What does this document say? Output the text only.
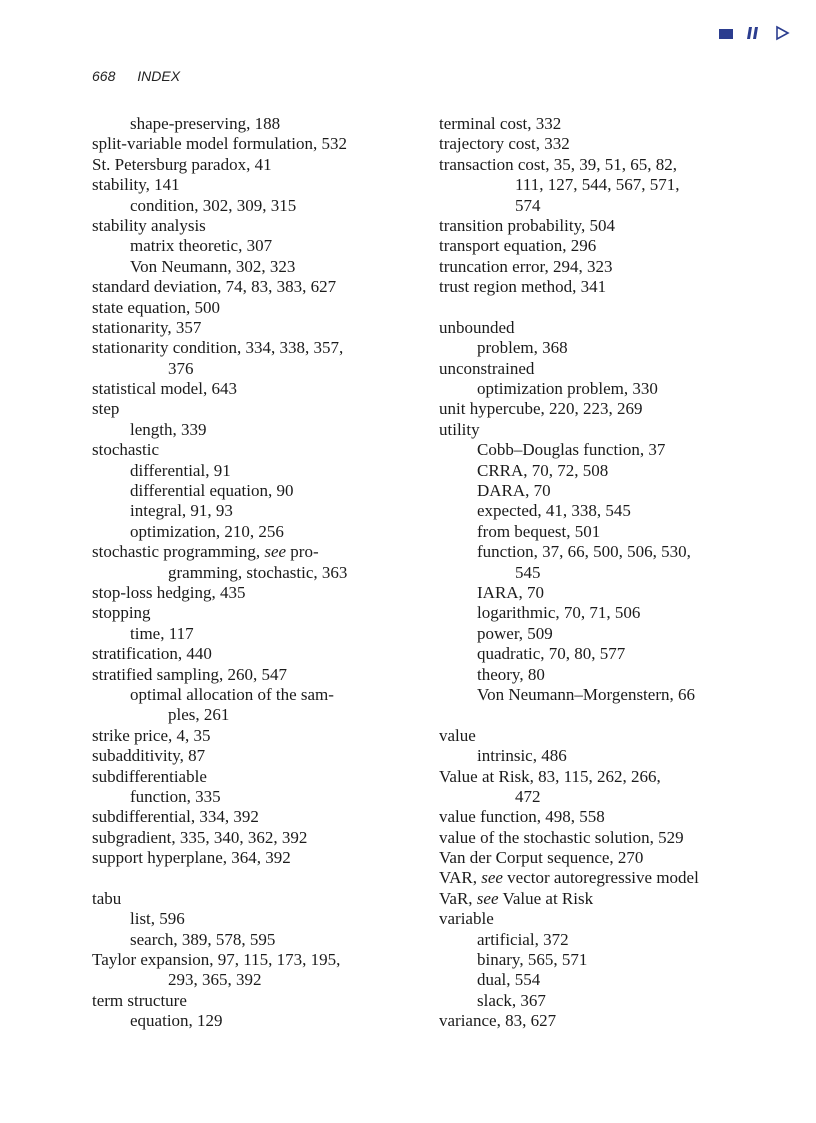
668 INDEX
shape-preserving, 188
split-variable model formulation, 532
St. Petersburg paradox, 41
stability, 141
condition, 302, 309, 315
stability analysis
matrix theoretic, 307
Von Neumann, 302, 323
standard deviation, 74, 83, 383, 627
state equation, 500
stationarity, 357
stationarity condition, 334, 338, 357,
376
statistical model, 643
step
length, 339
stochastic
differential, 91
differential equation, 90
integral, 91, 93
optimization, 210, 256
stochastic programming, see pro-
gramming, stochastic, 363
stop-loss hedging, 435
stopping
time, 117
stratification, 440
stratified sampling, 260, 547
optimal allocation of the sam-
ples, 261
strike price, 4, 35
subadditivity, 87
subdifferentiable
function, 335
subdifferential, 334, 392
subgradient, 335, 340, 362, 392
support hyperplane, 364, 392
tabu
list, 596
search, 389, 578, 595
Taylor expansion, 97, 115, 173, 195,
293, 365, 392
term structure
equation, 129
terminal cost, 332
trajectory cost, 332
transaction cost, 35, 39, 51, 65, 82,
111, 127, 544, 567, 571,
574
transition probability, 504
transport equation, 296
truncation error, 294, 323
trust region method, 341
unbounded
problem, 368
unconstrained
optimization problem, 330
unit hypercube, 220, 223, 269
utility
Cobb–Douglas function, 37
CRRA, 70, 72, 508
DARA, 70
expected, 41, 338, 545
from bequest, 501
function, 37, 66, 500, 506, 530,
545
IARA, 70
logarithmic, 70, 71, 506
power, 509
quadratic, 70, 80, 577
theory, 80
Von Neumann–Morgenstern, 66
value
intrinsic, 486
Value at Risk, 83, 115, 262, 266,
472
value function, 498, 558
value of the stochastic solution, 529
Van der Corput sequence, 270
VAR, see vector autoregressive model
VaR, see Value at Risk
variable
artificial, 372
binary, 565, 571
dual, 554
slack, 367
variance, 83, 627
